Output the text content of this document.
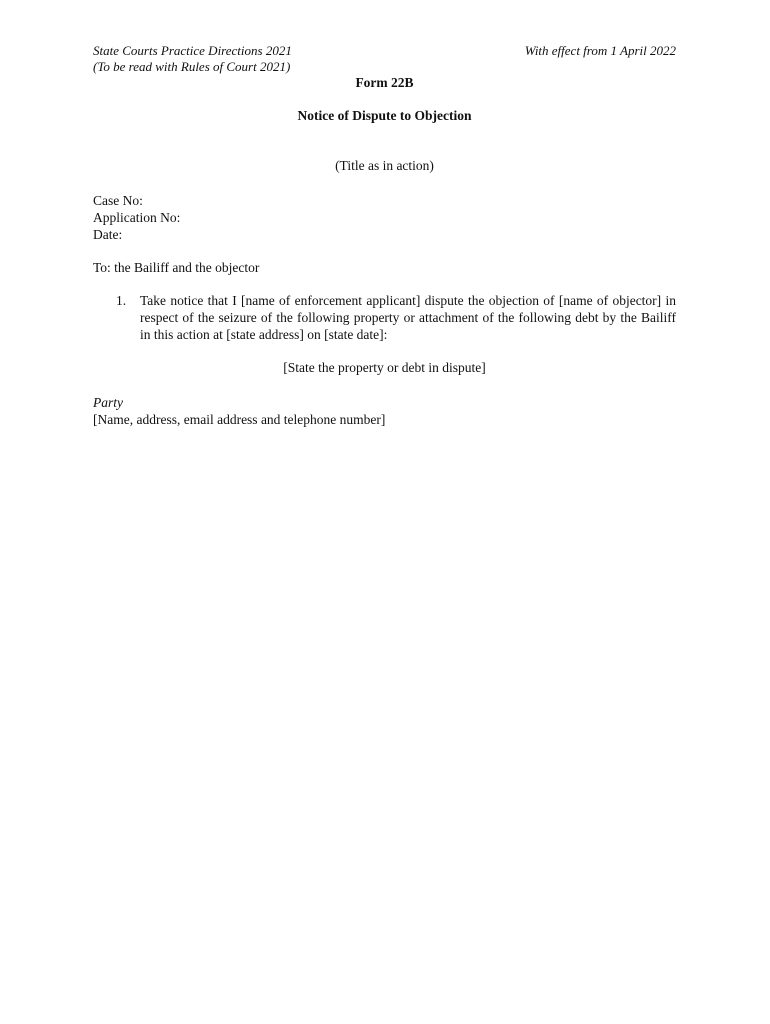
State Courts Practice Directions 2021
(To be read with Rules of Court 2021)
With effect from 1 April 2022
Form 22B
Notice of Dispute to Objection
(Title as in action)
Case No:
Application No:
Date:
To: the Bailiff and the objector
1.	Take notice that I [name of enforcement applicant] dispute the objection of [name of objector] in respect of the seizure of the following property or attachment of the following debt by the Bailiff in this action at [state address] on [state date]:
[State the property or debt in dispute]
Party
[Name, address, email address and telephone number]
